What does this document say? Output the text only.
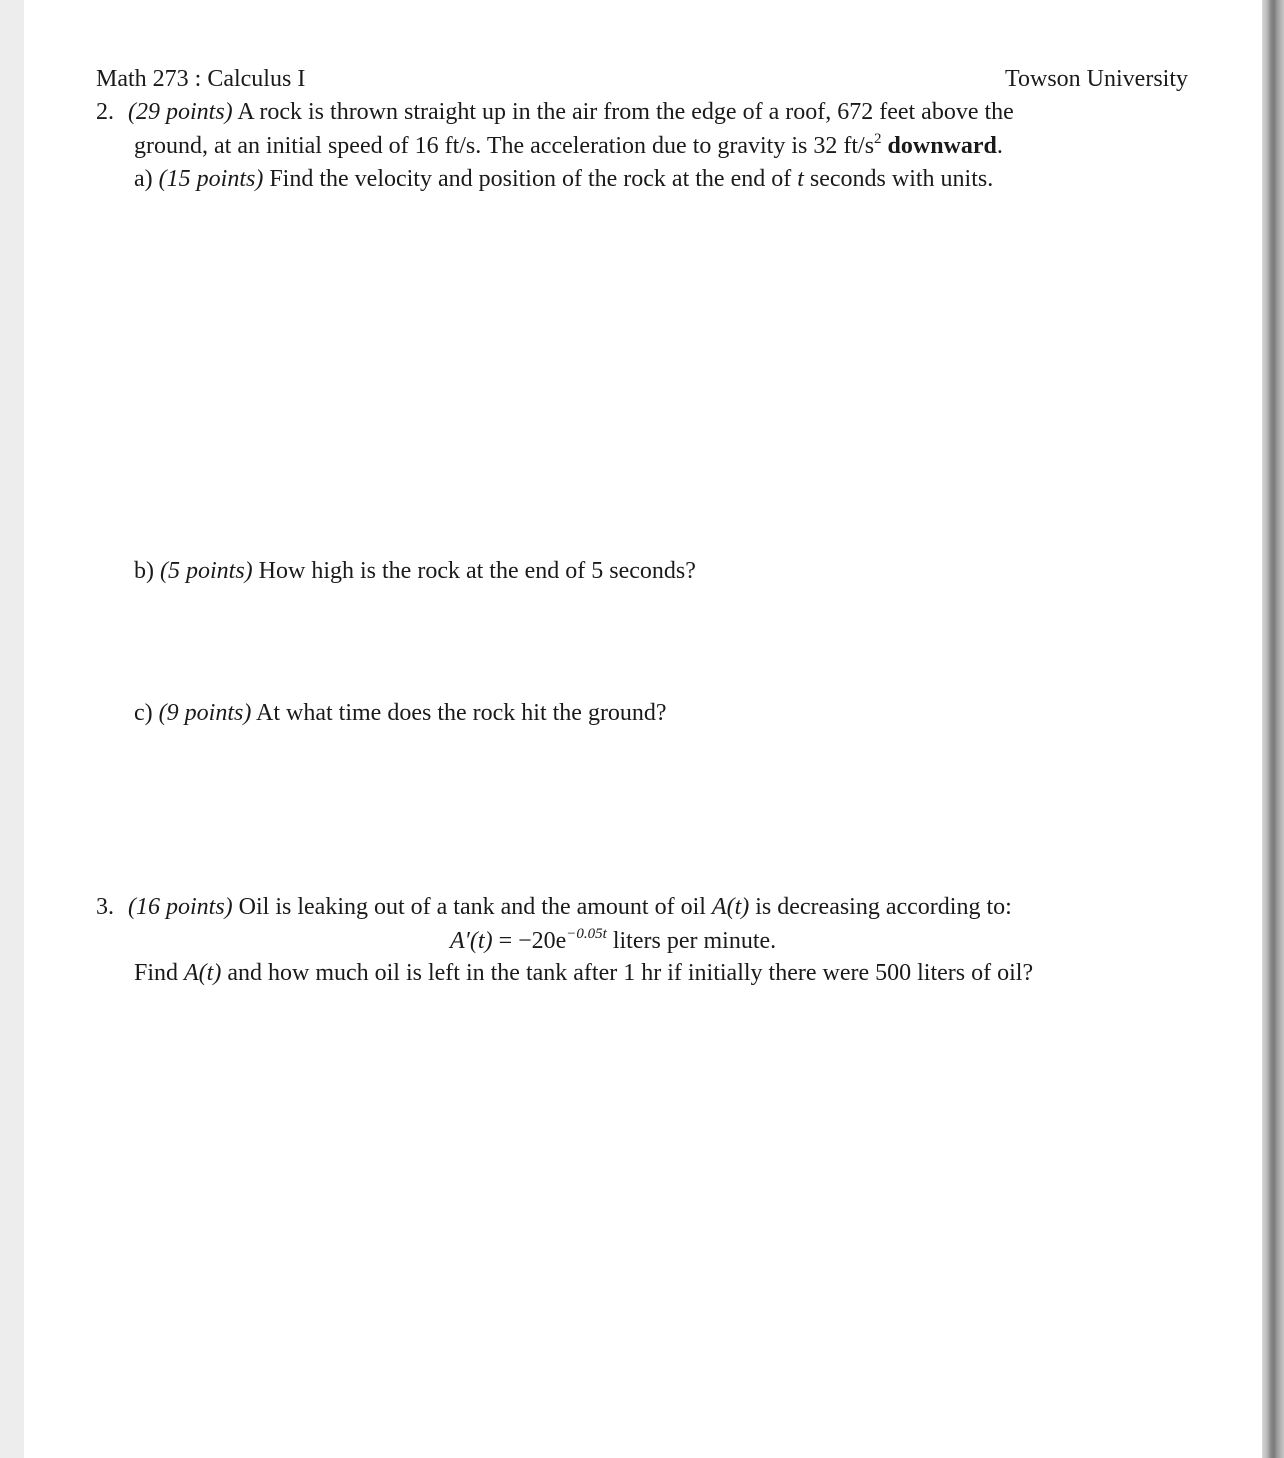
Math 273 : Calculus I	Towson University
2. (29 points) A rock is thrown straight up in the air from the edge of a roof, 672 feet above the
ground, at an initial speed of 16 ft/s. The acceleration due to gravity is 32 $ft/s^2$ downward.
a) (15 points) Find the velocity and position of the rock at the end of t seconds with units.
b) (5 points) How high is the rock at the end of 5 seconds?
c) (9 points) At what time does the rock hit the ground?
3. (16 points) Oil is leaking out of a tank and the amount of oil A(t) is decreasing according to:
$A'(t) = -20e^{-0.05t}$ liters per minute.
Find A(t) and how much oil is left in the tank after 1 hr if initially there were 500 liters of oil?
